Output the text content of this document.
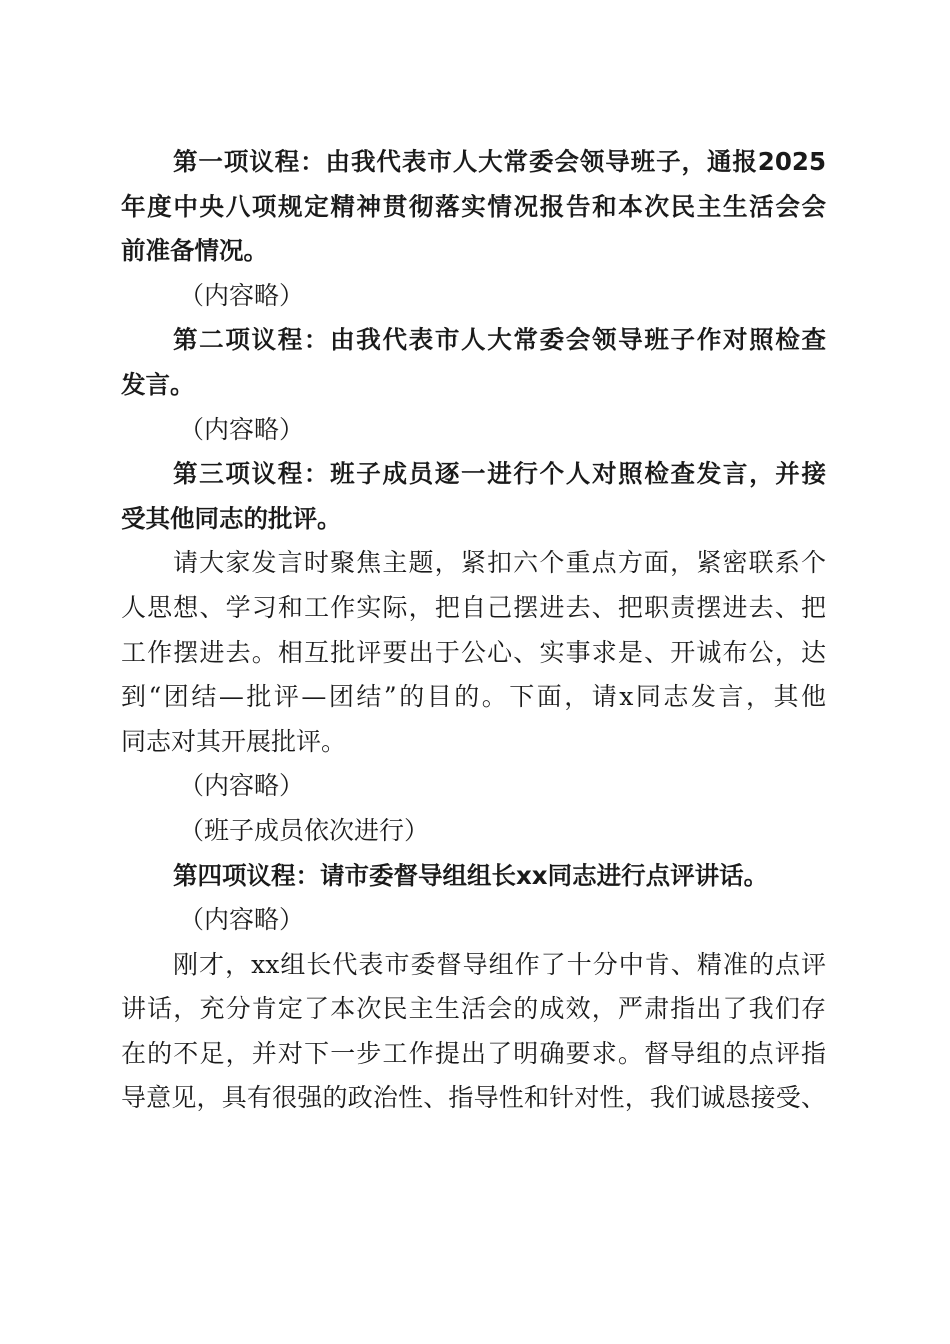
第一项议程：由我代表市人大常委会领导班子，通报2025
年度中央八项规定精神贯彻落实情况报告和本次民主生活会会
前准备情况。
（内容略）
第二项议程：由我代表市人大常委会领导班子作对照检查
发言。
（内容略）
第三项议程：班子成员逐一进行个人对照检查发言，并接
受其他同志的批评。
请大家发言时聚焦主题，紧扣六个重点方面，紧密联系个
人思想、学习和工作实际，把自己摆进去、把职责摆进去、把
工作摆进去。相互批评要出于公心、实事求是、开诚布公，达
到“团结—批评—团结”的目的。下面，请x同志发言，其他
同志对其开展批评。
（内容略）
（班子成员依次进行）
第四项议程：请市委督导组组长xx同志进行点评讲话。
（内容略）
刚才，xx组长代表市委督导组作了十分中肯、精准的点评
讲话，充分肯定了本次民主生活会的成效，严肃指出了我们存
在的不足，并对下一步工作提出了明确要求。督导组的点评指
导意见，具有很强的政治性、指导性和针对性，我们诚恳接受、
